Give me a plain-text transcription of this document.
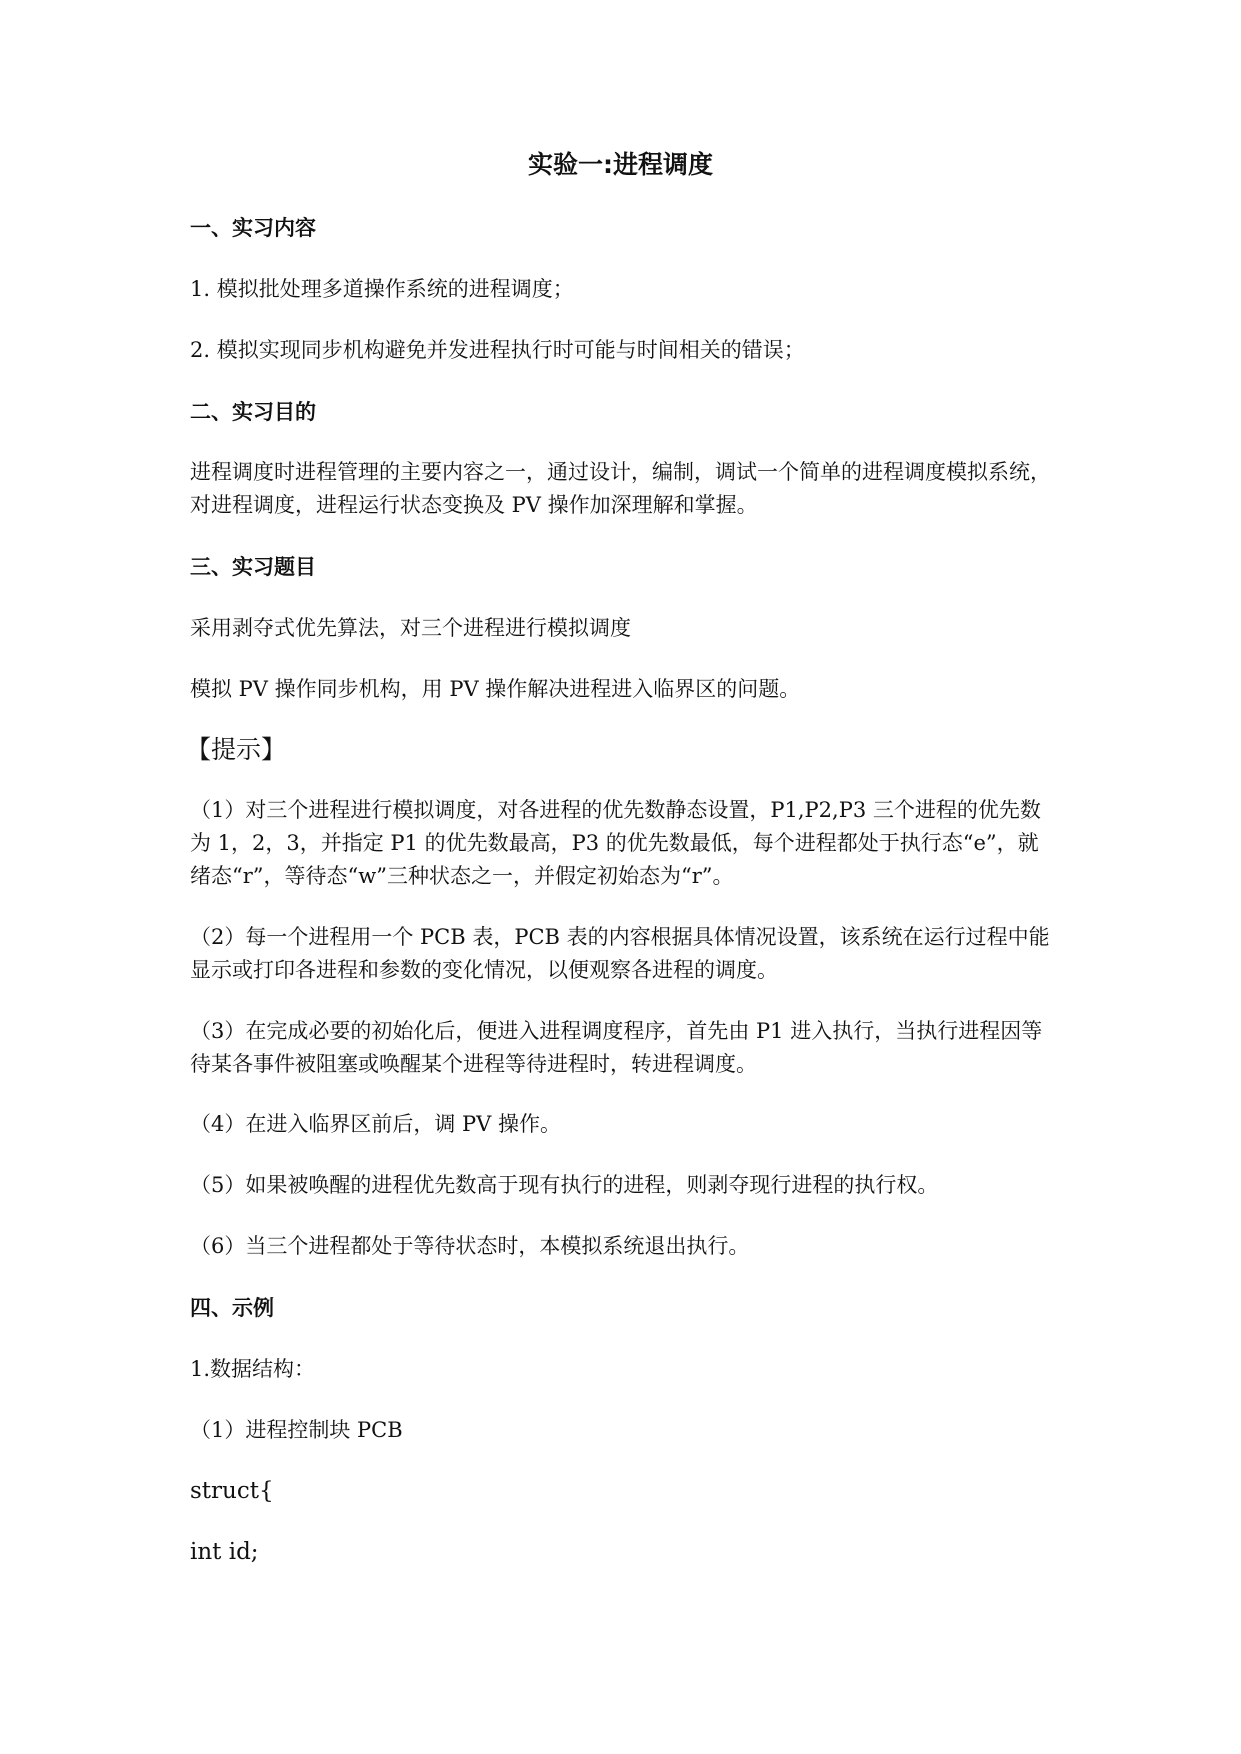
实验一:进程调度
一、实习内容
1. 模拟批处理多道操作系统的进程调度；
2. 模拟实现同步机构避免并发进程执行时可能与时间相关的错误；
二、实习目的
进程调度时进程管理的主要内容之一，通过设计，编制，调试一个简单的进程调度模拟系统，
对进程调度，进程运行状态变换及 PV 操作加深理解和掌握。
三、实习题目
采用剥夺式优先算法，对三个进程进行模拟调度
模拟 PV 操作同步机构，用 PV 操作解决进程进入临界区的问题。
【提示】
（1）对三个进程进行模拟调度，对各进程的优先数静态设置，P1,P2,P3 三个进程的优先数
为 1，2，3，并指定 P1 的优先数最高，P3 的优先数最低，每个进程都处于执行态“e”，就
绪态“r”，等待态“w”三种状态之一，并假定初始态为“r”。
（2）每一个进程用一个 PCB 表，PCB 表的内容根据具体情况设置，该系统在运行过程中能
显示或打印各进程和参数的变化情况，以便观察各进程的调度。
（3）在完成必要的初始化后，便进入进程调度程序，首先由 P1 进入执行，当执行进程因等
待某各事件被阻塞或唤醒某个进程等待进程时，转进程调度。
（4）在进入临界区前后，调 PV 操作。
（5）如果被唤醒的进程优先数高于现有执行的进程，则剥夺现行进程的执行权。
（6）当三个进程都处于等待状态时，本模拟系统退出执行。
四、示例
1.数据结构：
（1）进程控制块 PCB
struct{
int id;
